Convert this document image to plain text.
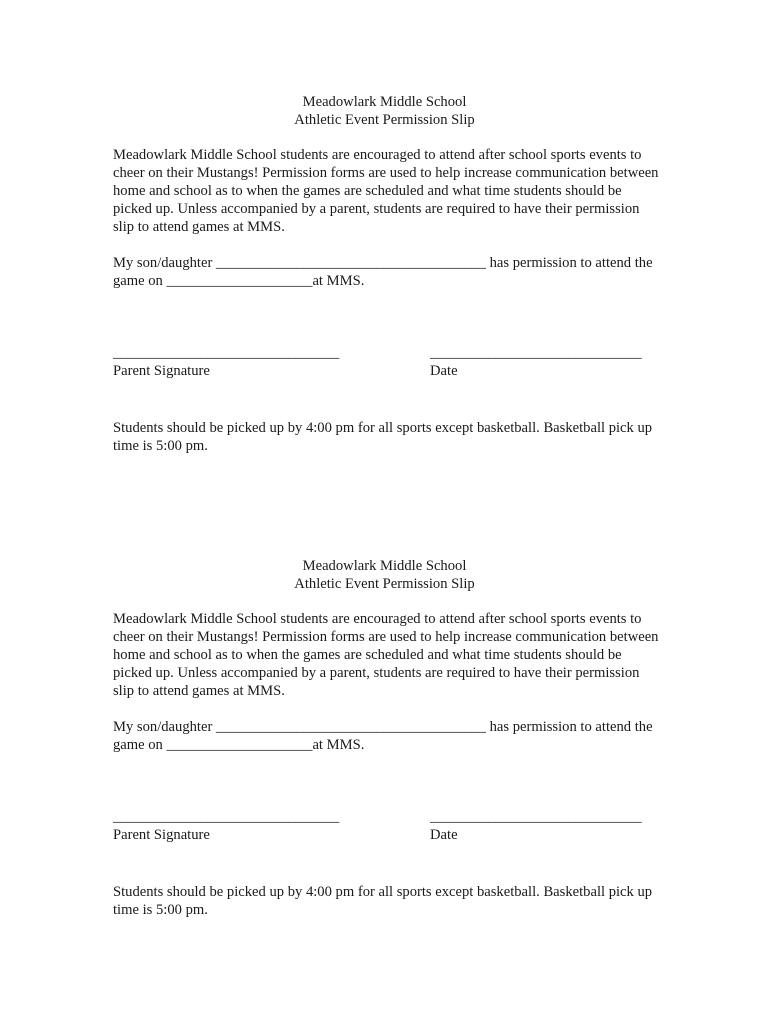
Meadowlark Middle School

Athletic Event Permission Slip

Meadowlark Middle School students are encouraged to attend after school sports events to cheer on their Mustangs! Permission forms are used to help increase communication between home and school as to when the games are scheduled and what time students should be picked up. Unless accompanied by a parent, students are required to have their permission slip to attend games at MMS.

My son/daughter _____________________________________ has permission to attend the game on ____________________at MMS.

_______________________________
Parent Signature
_____________________________
Date

Students should be picked up by 4:00 pm for all sports except basketball. Basketball pick up time is 5:00 pm.

Meadowlark Middle School

Athletic Event Permission Slip

Meadowlark Middle School students are encouraged to attend after school sports events to cheer on their Mustangs! Permission forms are used to help increase communication between home and school as to when the games are scheduled and what time students should be picked up. Unless accompanied by a parent, students are required to have their permission slip to attend games at MMS.

My son/daughter _____________________________________ has permission to attend the game on ____________________at MMS.

_______________________________
Parent Signature
_____________________________
Date

Students should be picked up by 4:00 pm for all sports except basketball. Basketball pick up time is 5:00 pm.
